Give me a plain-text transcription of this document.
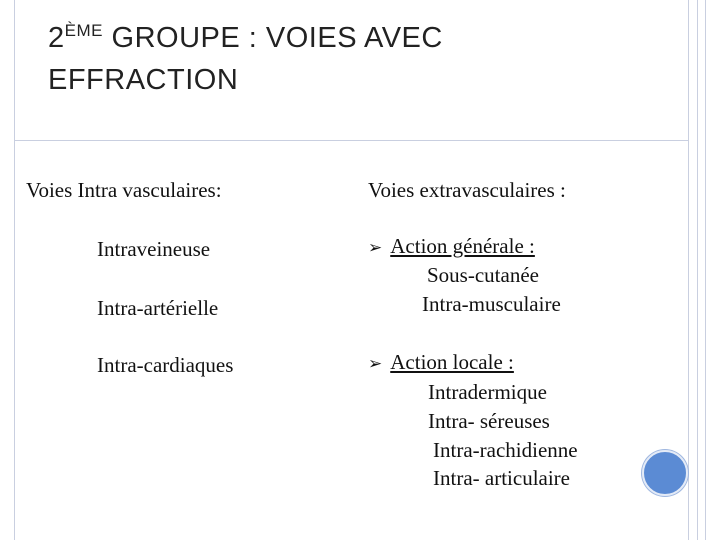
2ÈME GROUPE : VOIES AVEC
EFFRACTION
Voies Intra vasculaires:
Intraveineuse
Intra-artérielle
Intra-cardiaques
Voies extravasculaires :
➢ Action générale :
Sous-cutanée
Intra-musculaire
➢ Action locale :
Intradermique
Intra- séreuses
Intra-rachidienne
Intra- articulaire
